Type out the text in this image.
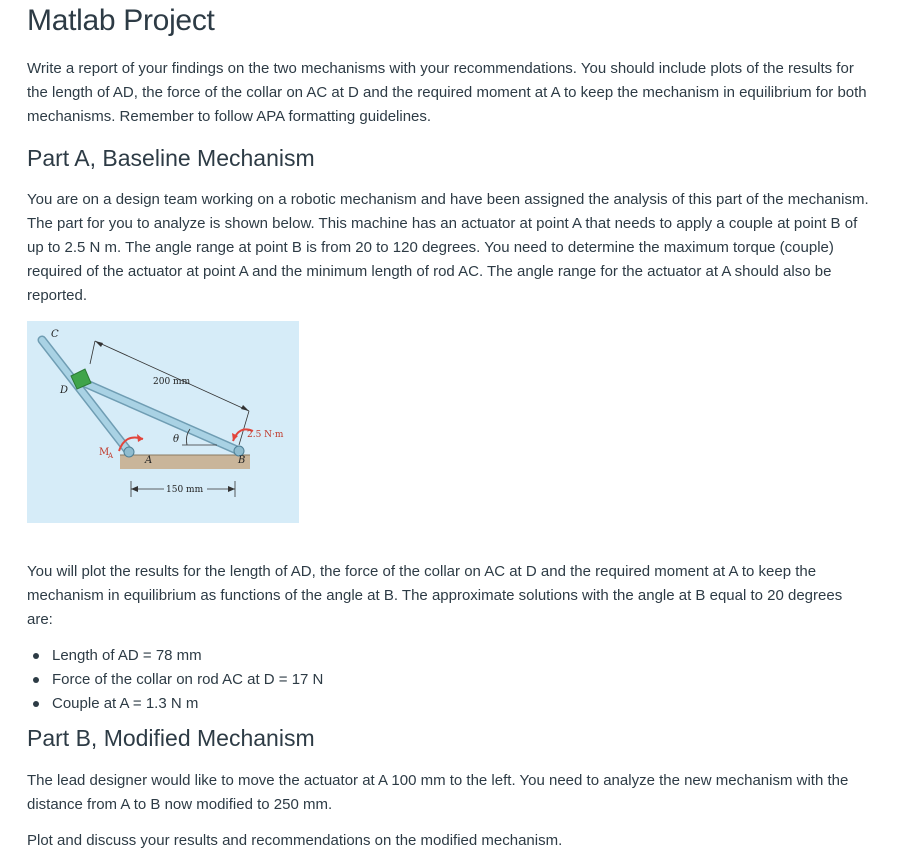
Matlab Project

Write a report of your findings on the two mechanisms with your recommendations. You should include plots of the results for the length of AD, the force of the collar on AC at D and the required moment at A to keep the mechanism in equilibrium for both mechanisms. Remember to follow APA formatting guidelines.

Part A, Baseline Mechanism

You are on a design team working on a robotic mechanism and have been assigned the analysis of this part of the mechanism. The part for you to analyze is shown below. This machine has an actuator at point A that needs to apply a couple at point B of up to 2.5 N m. The angle range at point B is from 20 to 120 degrees. You need to determine the maximum torque (couple) required of the actuator at point A and the minimum length of rod AC. The angle range for the actuator at A should also be reported.

C
D
A	B
M
A
θ
200 mm
150 mm
2.5 N·m

You will plot the results for the length of AD, the force of the collar on AC at D and the required moment at A to keep the mechanism in equilibrium as functions of the angle at B. The approximate solutions with the angle at B equal to 20 degrees are:

Length of AD = 78 mm
Force of the collar on rod AC at D = 17 N
Couple at A = 1.3 N m
Part B, Modified Mechanism

The lead designer would like to move the actuator at A 100 mm to the left. You need to analyze the new mechanism with the distance from A to B now modified to 250 mm.

Plot and discuss your results and recommendations on the modified mechanism.
